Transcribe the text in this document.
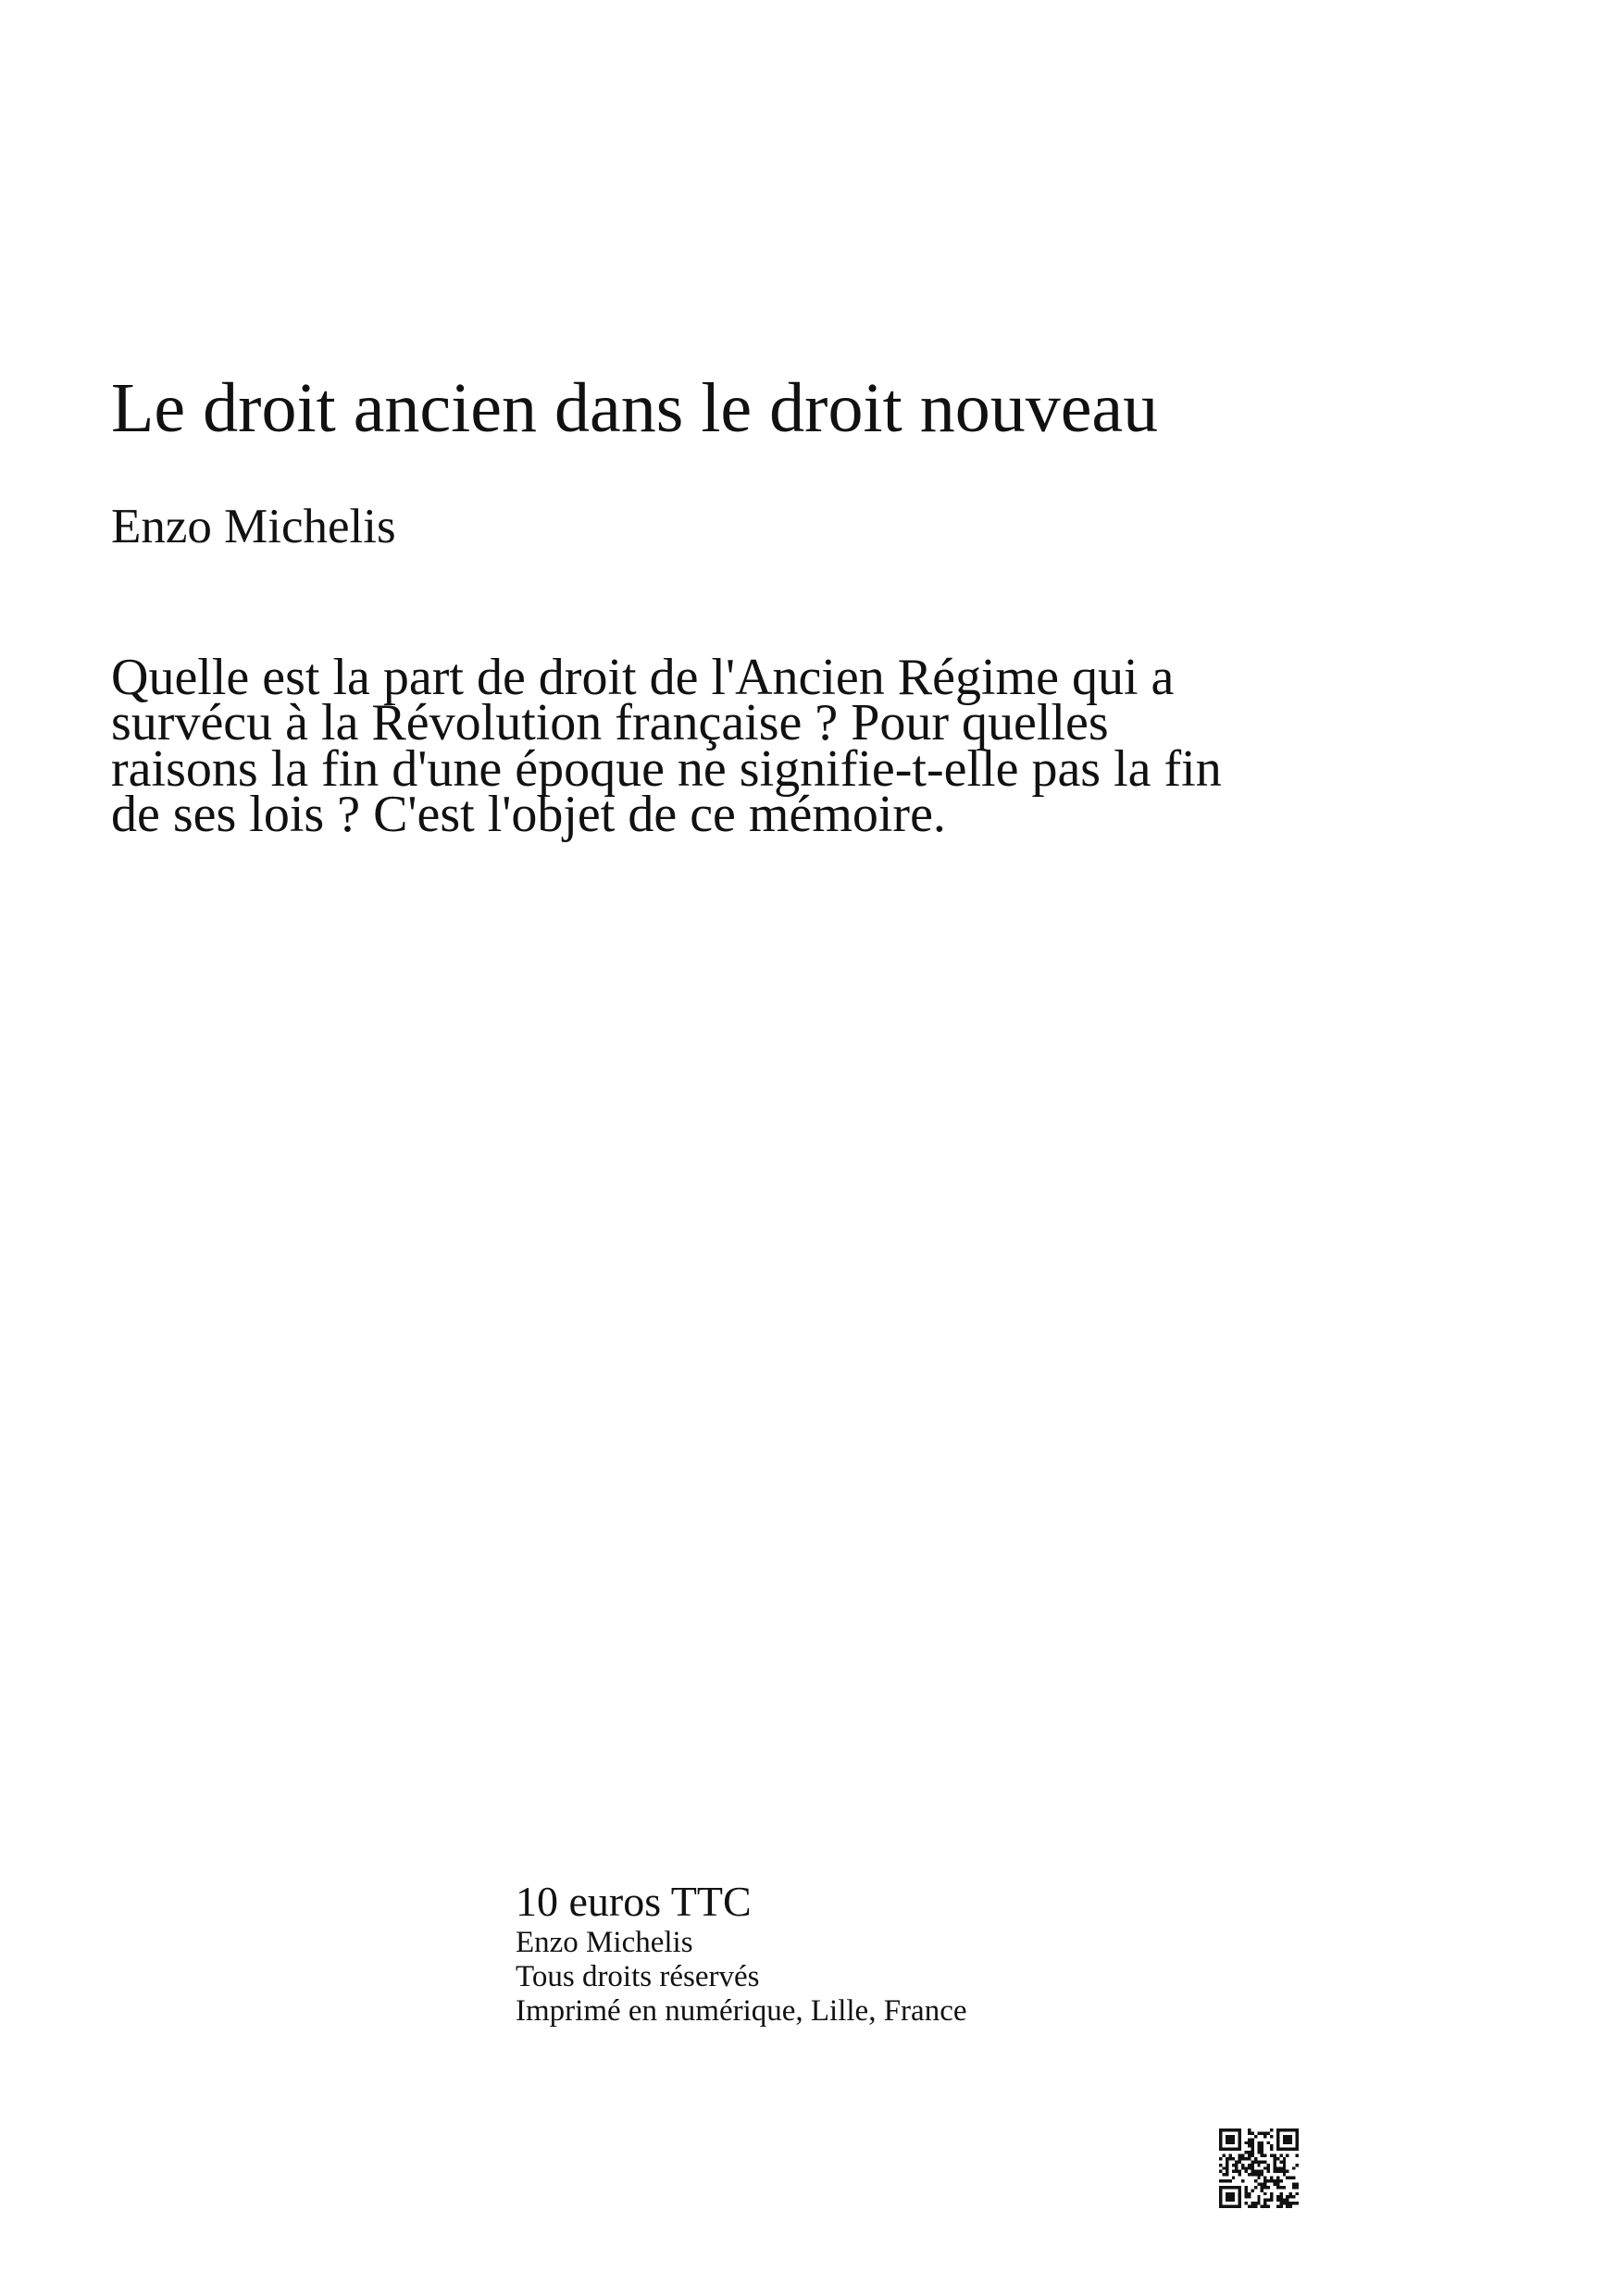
Le droit ancien dans le droit nouveau

Enzo Michelis

Quelle est la part de droit de l'Ancien Régime qui a survécu à la Révolution française ? Pour quelles raisons la fin d'une époque ne signifie-t-elle pas la fin de ses lois ? C'est l'objet de ce mémoire.

10 euros TTC

Enzo Michelis

Tous droits réservés

Imprimé en numérique, Lille, France
